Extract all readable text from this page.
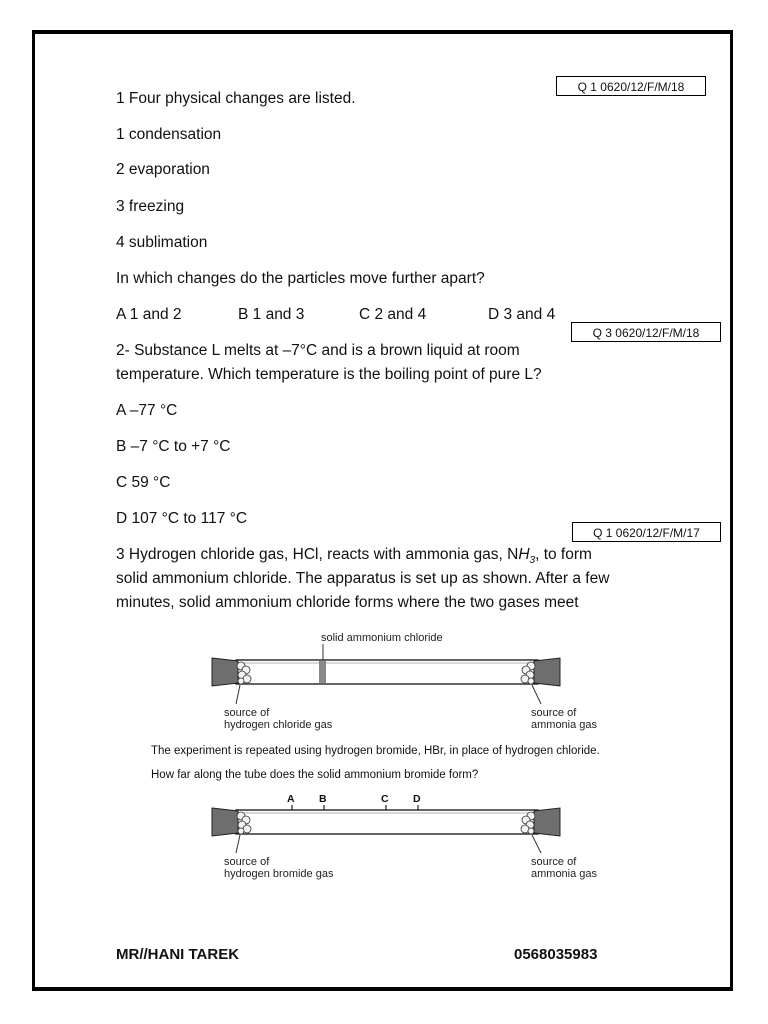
Q 1 0620/12/F/M/18
1 Four physical changes are listed.
1 condensation
2 evaporation
3 freezing
4 sublimation
In which changes do the particles move further apart?
A 1 and 2	B 1 and 3	C 2 and 4	D 3 and 4
Q 3 0620/12/F/M/18
2- Substance L melts at –7°C and is a brown liquid at room
temperature. Which temperature is the boiling point of pure L?
A –77 °C
B –7 °C to +7 °C
C 59 °C
D 107 °C to 117 °C
Q 1 0620/12/F/M/17
3 Hydrogen chloride gas, HCl, reacts with ammonia gas, $NH_3$, to form
solid ammonium chloride. The apparatus is set up as shown. After a few
minutes, solid ammonium chloride forms where the two gases meet
solid ammonium chloride
source of
hydrogen chloride gas
source of
ammonia gas
The experiment is repeated using hydrogen bromide, HBr, in place of hydrogen chloride.
How far along the tube does the solid ammonium bromide form?
A B	C D
source of
hydrogen bromide gas
source of
ammonia gas
MR//HANI TAREK	0568035983
